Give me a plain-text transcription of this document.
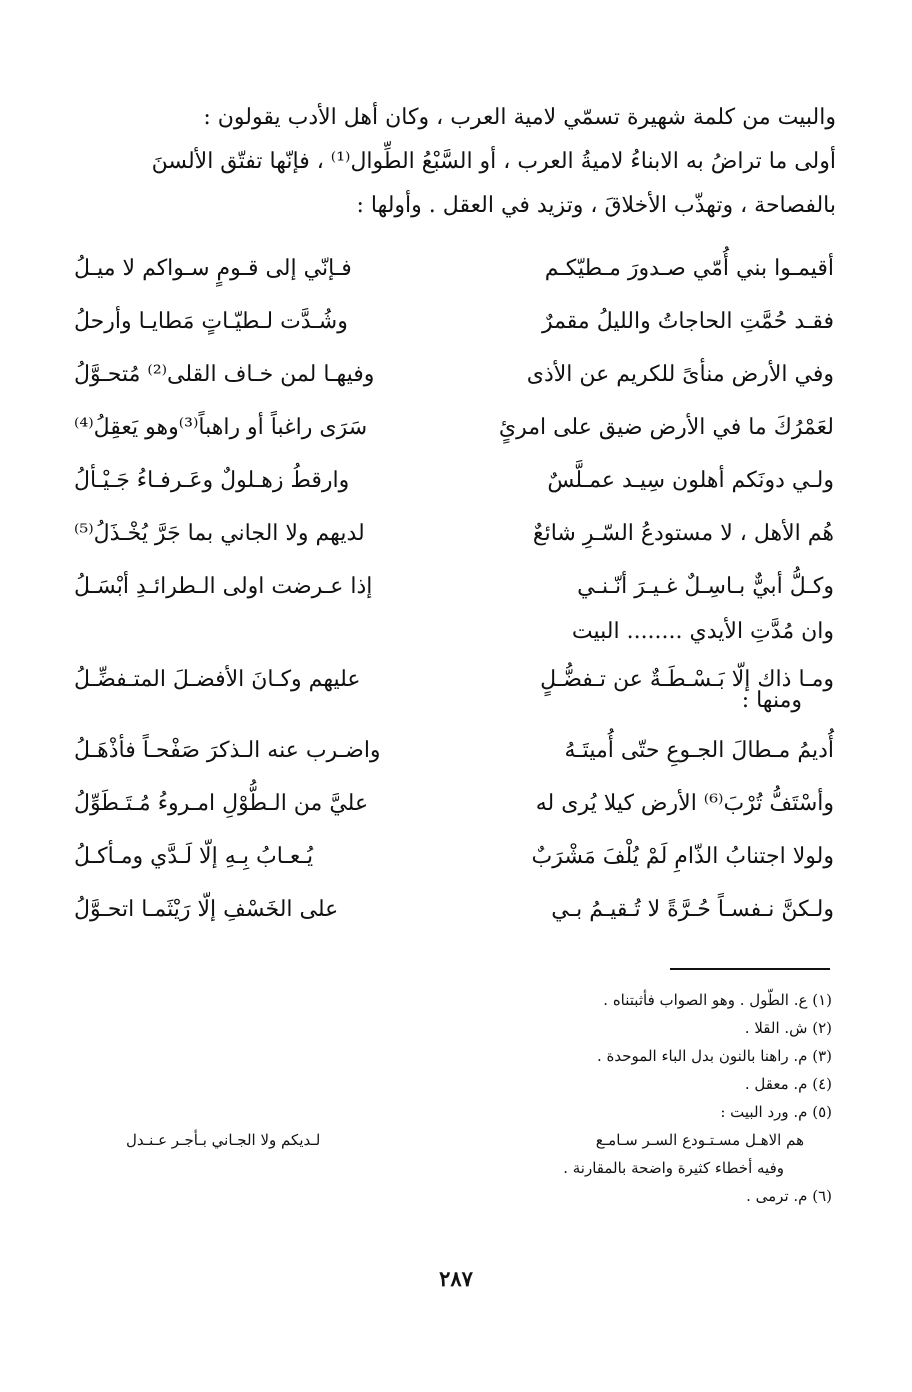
والبيت من كلمة شهيرة تسمّي لامية العرب ، وكان أهل الأدب يقولون :

أولى ما تراضُ به الابناءُ لاميةُ العرب ، أو السَّبْعُ الطِّوال⁽¹⁾ ، فإنّها تفتّق الألسنَ

بالفصاحة ، وتهذّب الأخلاقَ ، وتزيد في العقل . وأولها :

أقيمـوا بني أُمّي صـدورَ مـطيّكـم
فـإنّي إلى قـومٍ سـواكم لا ميـلُ
فقـد حُمَّتِ الحاجاتُ والليلُ مقمرٌ
وشُـدَّت لـطيّـاتٍ مَطايـا وأرحلُ
وفي الأرض منأىً للكريم عن الأذى
وفيهـا لمن خـاف القلى⁽²⁾ مُتحـوَّلُ
لعَمْرُكَ ما في الأرض ضيق على امرئٍ
سَرَى راغباً أو راهباً⁽³⁾وهو يَعقِلُ⁽⁴⁾
ولـي دونَكم أهلون سِيـد عمـلَّسٌ
وارقطُ زهـلولٌ وعَـرفـاءُ جَـيْـألُ
هُم الأهل ، لا مستودعُ السّـرِ شائعٌ
لديهم ولا الجاني بما جَرَّ يُخْـذَلُ⁽⁵⁾
وكـلُّ أبيٌّ بـاسِـلٌ غـيـرَ أنّـنـي
إذا عـرضت اولى الـطرائـدِ أبْسَـلُ
وان مُدَّتِ الأيدي ........ البيت
ومـا ذاك إلّا بَـسْـطَـةٌ عن تـفضُّـلٍ
عليهم وكـانَ الأفضـلَ المتـفضِّـلُ
ومنها :
أُديمُ مـطالَ الجـوعِ حتّى أُميتَـهُ
واضـرب عنه الـذكرَ صَفْحـاً فأذْهَـلُ
وأسْتَفُّ تُرْبَ⁽⁶⁾ الأرض كيلا يُرى له
عليَّ من الـطُّوْلِ امـروءُ مُـتَـطَوِّلُ
ولولا اجتنابُ الذّامِ لَمْ يُلْفَ مَشْرَبٌ
يُـعـابُ بِـهِ إلّا لَـدَّي ومـأكـلُ
ولـكنَّ نـفسـاً حُـرَّةً لا تُـقيـمُ بـي
على الخَسْفِ إلّا رَيْثَمـا اتحـوَّلُ
(١) ع. الطّول . وهو الصواب فأثبتناه .
(٢) ش. القلا .
(٣) م. راهنا بالنون بدل الباء الموحدة .
(٤) م. معقل .
(٥) م. ورد البيت :
هم الاهـل مسـتـودع السـر سـامـع
لـديكم ولا الجـاني بـأجـر عـنـدل
وفيه أخطاء كثيرة واضحة بالمقارنة .
(٦) م. ترمى .
٢٨٧
